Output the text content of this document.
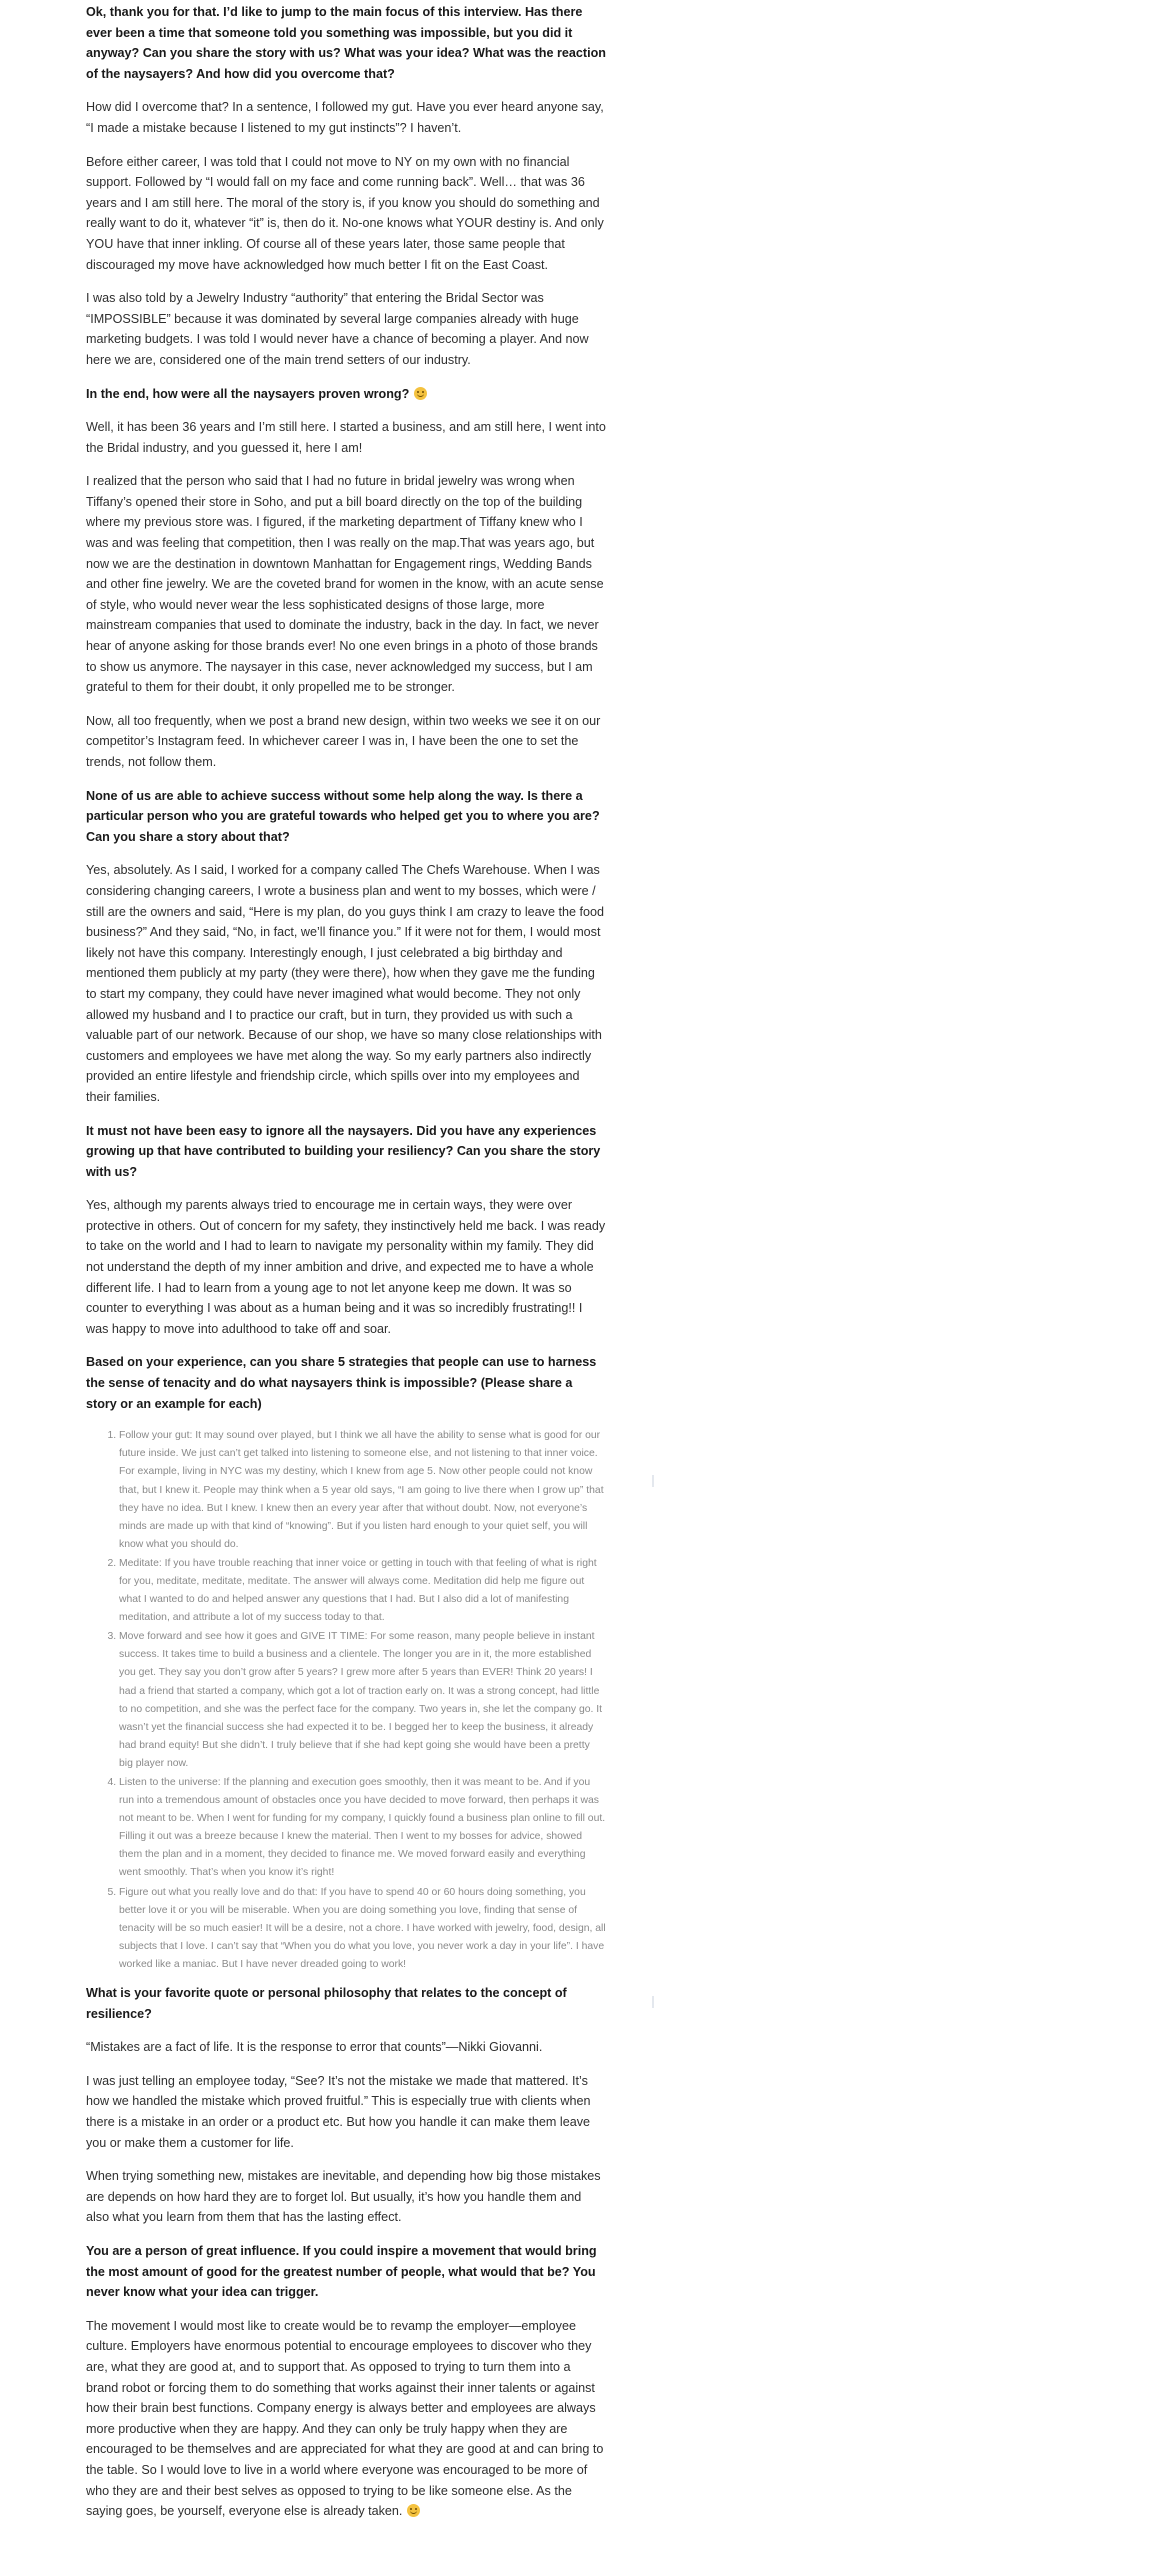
Ok, thank you for that. I’d like to jump to the main focus of this interview. Has there ever been a time that someone told you something was impossible, but you did it anyway? Can you share the story with us? What was your idea? What was the reaction of the naysayers? And how did you overcome that?

How did I overcome that? In a sentence, I followed my gut. Have you ever heard anyone say, “I made a mistake because I listened to my gut instincts”? I haven’t.

Before either career, I was told that I could not move to NY on my own with no financial support. Followed by “I would fall on my face and come running back”. Well… that was 36 years and I am still here. The moral of the story is, if you know you should do something and really want to do it, whatever “it” is, then do it. No-one knows what YOUR destiny is. And only YOU have that inner inkling. Of course all of these years later, those same people that discouraged my move have acknowledged how much better I fit on the East Coast.

I was also told by a Jewelry Industry “authority” that entering the Bridal Sector was “IMPOSSIBLE” because it was dominated by several large companies already with huge marketing budgets. I was told I would never have a chance of becoming a player. And now here we are, considered one of the main trend setters of our industry.

In the end, how were all the naysayers proven wrong?

Well, it has been 36 years and I’m still here. I started a business, and am still here, I went into the Bridal industry, and you guessed it, here I am!

I realized that the person who said that I had no future in bridal jewelry was wrong when Tiffany’s opened their store in Soho, and put a bill board directly on the top of the building where my previous store was. I figured, if the marketing department of Tiffany knew who I was and was feeling that competition, then I was really on the map.That was years ago, but now we are the destination in downtown Manhattan for Engagement rings, Wedding Bands and other fine jewelry. We are the coveted brand for women in the know, with an acute sense of style, who would never wear the less sophisticated designs of those large, more mainstream companies that used to dominate the industry, back in the day. In fact, we never hear of anyone asking for those brands ever! No one even brings in a photo of those brands to show us anymore. The naysayer in this case, never acknowledged my success, but I am grateful to them for their doubt, it only propelled me to be stronger.

Now, all too frequently, when we post a brand new design, within two weeks we see it on our competitor’s Instagram feed. In whichever career I was in, I have been the one to set the trends, not follow them.

None of us are able to achieve success without some help along the way. Is there a particular person who you are grateful towards who helped get you to where you are? Can you share a story about that?

Yes, absolutely. As I said, I worked for a company called The Chefs Warehouse. When I was considering changing careers, I wrote a business plan and went to my bosses, which were / still are the owners and said, “Here is my plan, do you guys think I am crazy to leave the food business?” And they said, “No, in fact, we’ll finance you.” If it were not for them, I would most likely not have this company. Interestingly enough, I just celebrated a big birthday and mentioned them publicly at my party (they were there), how when they gave me the funding to start my company, they could have never imagined what would become. They not only allowed my husband and I to practice our craft, but in turn, they provided us with such a valuable part of our network. Because of our shop, we have so many close relationships with customers and employees we have met along the way. So my early partners also indirectly provided an entire lifestyle and friendship circle, which spills over into my employees and their families.

It must not have been easy to ignore all the naysayers. Did you have any experiences growing up that have contributed to building your resiliency? Can you share the story with us?

Yes, although my parents always tried to encourage me in certain ways, they were over protective in others. Out of concern for my safety, they instinctively held me back. I was ready to take on the world and I had to learn to navigate my personality within my family. They did not understand the depth of my inner ambition and drive, and expected me to have a whole different life. I had to learn from a young age to not let anyone keep me down. It was so counter to everything I was about as a human being and it was so incredibly frustrating!! I was happy to move into adulthood to take off and soar.

Based on your experience, can you share 5 strategies that people can use to harness the sense of tenacity and do what naysayers think is impossible? (Please share a story or an example for each)

1. Follow your gut: It may sound over played, but I think we all have the ability to sense what is good for our future inside. We just can’t get talked into listening to someone else, and not listening to that inner voice. For example, living in NYC was my destiny, which I knew from age 5. Now other people could not know that, but I knew it. People may think when a 5 year old says, “I am going to live there when I grow up” that they have no idea. But I knew. I knew then an every year after that without doubt. Now, not everyone’s minds are made up with that kind of “knowing”. But if you listen hard enough to your quiet self, you will know what you should do.
2. Meditate: If you have trouble reaching that inner voice or getting in touch with that feeling of what is right for you, meditate, meditate, meditate. The answer will always come. Meditation did help me figure out what I wanted to do and helped answer any questions that I had. But I also did a lot of manifesting meditation, and attribute a lot of my success today to that.
3. Move forward and see how it goes and GIVE IT TIME: For some reason, many people believe in instant success. It takes time to build a business and a clientele. The longer you are in it, the more established you get. They say you don’t grow after 5 years? I grew more after 5 years than EVER! Think 20 years! I had a friend that started a company, which got a lot of traction early on. It was a strong concept, had little to no competition, and she was the perfect face for the company. Two years in, she let the company go. It wasn’t yet the financial success she had expected it to be. I begged her to keep the business, it already had brand equity! But she didn’t. I truly believe that if she had kept going she would have been a pretty big player now.
4. Listen to the universe: If the planning and execution goes smoothly, then it was meant to be. And if you run into a tremendous amount of obstacles once you have decided to move forward, then perhaps it was not meant to be. When I went for funding for my company, I quickly found a business plan online to fill out. Filling it out was a breeze because I knew the material. Then I went to my bosses for advice, showed them the plan and in a moment, they decided to finance me. We moved forward easily and everything went smoothly. That’s when you know it’s right!
5. Figure out what you really love and do that: If you have to spend 40 or 60 hours doing something, you better love it or you will be miserable. When you are doing something you love, finding that sense of tenacity will be so much easier! It will be a desire, not a chore. I have worked with jewelry, food, design, all subjects that I love. I can’t say that “When you do what you love, you never work a day in your life”. I have worked like a maniac. But I have never dreaded going to work!

What is your favorite quote or personal philosophy that relates to the concept of resilience?

“Mistakes are a fact of life. It is the response to error that counts”—Nikki Giovanni.

I was just telling an employee today, “See? It’s not the mistake we made that mattered. It’s how we handled the mistake which proved fruitful.” This is especially true with clients when there is a mistake in an order or a product etc. But how you handle it can make them leave you or make them a customer for life.

When trying something new, mistakes are inevitable, and depending how big those mistakes are depends on how hard they are to forget lol. But usually, it’s how you handle them and also what you learn from them that has the lasting effect.

You are a person of great influence. If you could inspire a movement that would bring the most amount of good for the greatest number of people, what would that be? You never know what your idea can trigger.

The movement I would most like to create would be to revamp the employer—employee culture. Employers have enormous potential to encourage employees to discover who they are, what they are good at, and to support that. As opposed to trying to turn them into a brand robot or forcing them to do something that works against their inner talents or against how their brain best functions. Company energy is always better and employees are always more productive when they are happy. And they can only be truly happy when they are encouraged to be themselves and are appreciated for what they are good at and can bring to the table. So I would love to live in a world where everyone was encouraged to be more of who they are and their best selves as opposed to trying to be like someone else. As the saying goes, be yourself, everyone else is already taken.
